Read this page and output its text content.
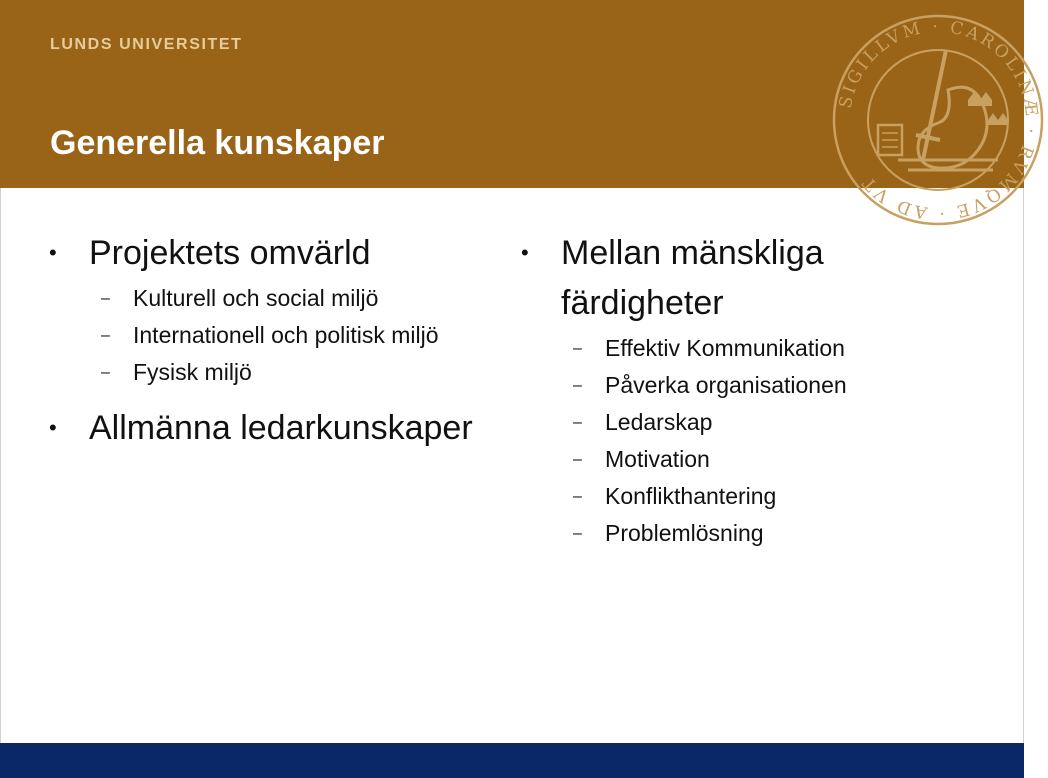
LUNDS UNIVERSITET
Generella kunskaper
SIGILLVM · CAROLINÆ · RVMQVE · AD VT
• Projektets omvärld
– Kulturell och social miljö
– Internationell och politisk miljö
– Fysisk miljö
• Allmänna ledarkunskaper
• Mellan mänskliga färdigheter
– Effektiv Kommunikation
– Påverka organisationen
– Ledarskap
– Motivation
– Konflikthantering
– Problemlösning
